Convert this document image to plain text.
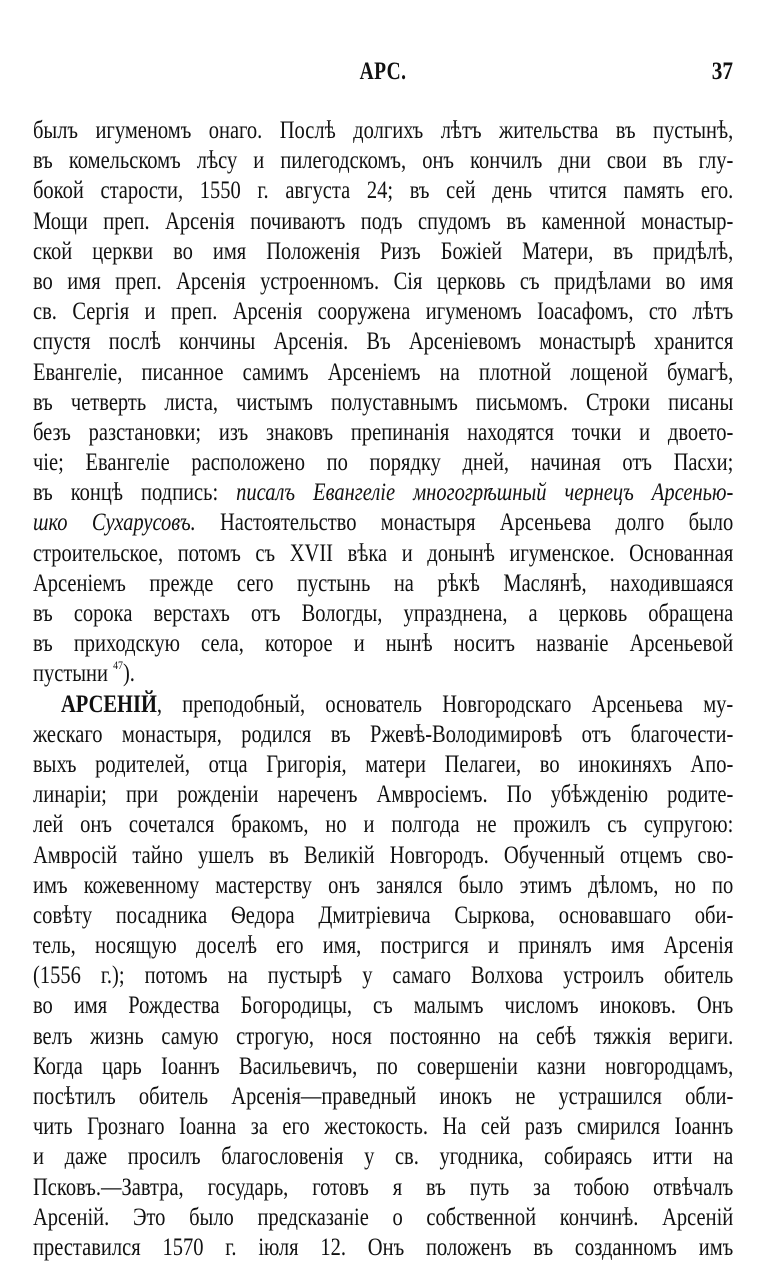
АРС.	37
былъ игуменомъ онаго. Послѣ долгихъ лѣтъ жительства въ пустынѣ,
въ комельскомъ лѣсу и пилегодскомъ, онъ кончилъ дни свои въ глу-
бокой старости, 1550 г. августа 24; въ сей день чтится память его.
Мощи преп. Арсенія почиваютъ подъ спудомъ въ каменной монастыр-
ской церкви во имя Положенія Ризъ Божіей Матери, въ придѣлѣ,
во имя преп. Арсенія устроенномъ. Сія церковь съ придѣлами во имя
св. Сергія и преп. Арсенія сооружена игуменомъ Іоасафомъ, сто лѣтъ
спустя послѣ кончины Арсенія. Въ Арсеніевомъ монастырѣ хранится
Евангеліе, писанное самимъ Арсеніемъ на плотной лощеной бумагѣ,
въ четверть листа, чистымъ полуставнымъ письмомъ. Строки писаны
безъ разстановки; изъ знаковъ препинанія находятся точки и двоето-
чіе; Евангеліе расположено по порядку дней, начиная отъ Пасхи;
въ концѣ подпись: писалъ Евангеліе многогрѣшный чернецъ Арсенью-
шко Сухарусовъ. Настоятельство монастыря Арсеньева долго было
строительское, потомъ съ XVII вѣка и донынѣ игуменское. Основанная
Арсеніемъ прежде сего пустынь на рѣкѣ Маслянѣ, находившаяся
въ сорока верстахъ отъ Вологды, упразднена, а церковь обращена
въ приходскую села, которое и нынѣ носитъ названіе Арсеньевой
пустыни $^{47}$).
АРСЕНІЙ, преподобный, основатель Новгородскаго Арсеньева му-
жескаго монастыря, родился въ Ржевѣ-Володимировѣ отъ благочести-
выхъ родителей, отца Григорія, матери Пелагеи, во инокиняхъ Апо-
линаріи; при рожденіи нареченъ Амвросіемъ. По убѣжденію родите-
лей онъ сочетался бракомъ, но и полгода не прожилъ съ супругою:
Амвросій тайно ушелъ въ Великій Новгородъ. Обученный отцемъ сво-
имъ кожевенному мастерству онъ занялся было этимъ дѣломъ, но по
совѣту посадника Ѳедора Дмитріевича Сыркова, основавшаго оби-
тель, носящую доселѣ его имя, постригся и принялъ имя Арсенія
(1556 г.); потомъ на пустырѣ у самаго Волхова устроилъ обитель
во имя Рождества Богородицы, съ малымъ числомъ иноковъ. Онъ
велъ жизнь самую строгую, нося постоянно на себѣ тяжкія вериги.
Когда царь Іоаннъ Васильевичъ, по совершеніи казни новгородцамъ,
посѣтилъ обитель Арсенія—праведный инокъ не устрашился обли-
чить Грознаго Іоанна за его жестокость. На сей разъ смирился Іоаннъ
и даже просилъ благословенія у св. угодника, собираясь итти на
Псковъ.—Завтра, государь, готовъ я въ путь за тобою отвѣчалъ
Арсеній. Это было предсказаніе о собственной кончинѣ. Арсеній
преставился 1570 г. іюля 12. Онъ положенъ въ созданномъ имъ
